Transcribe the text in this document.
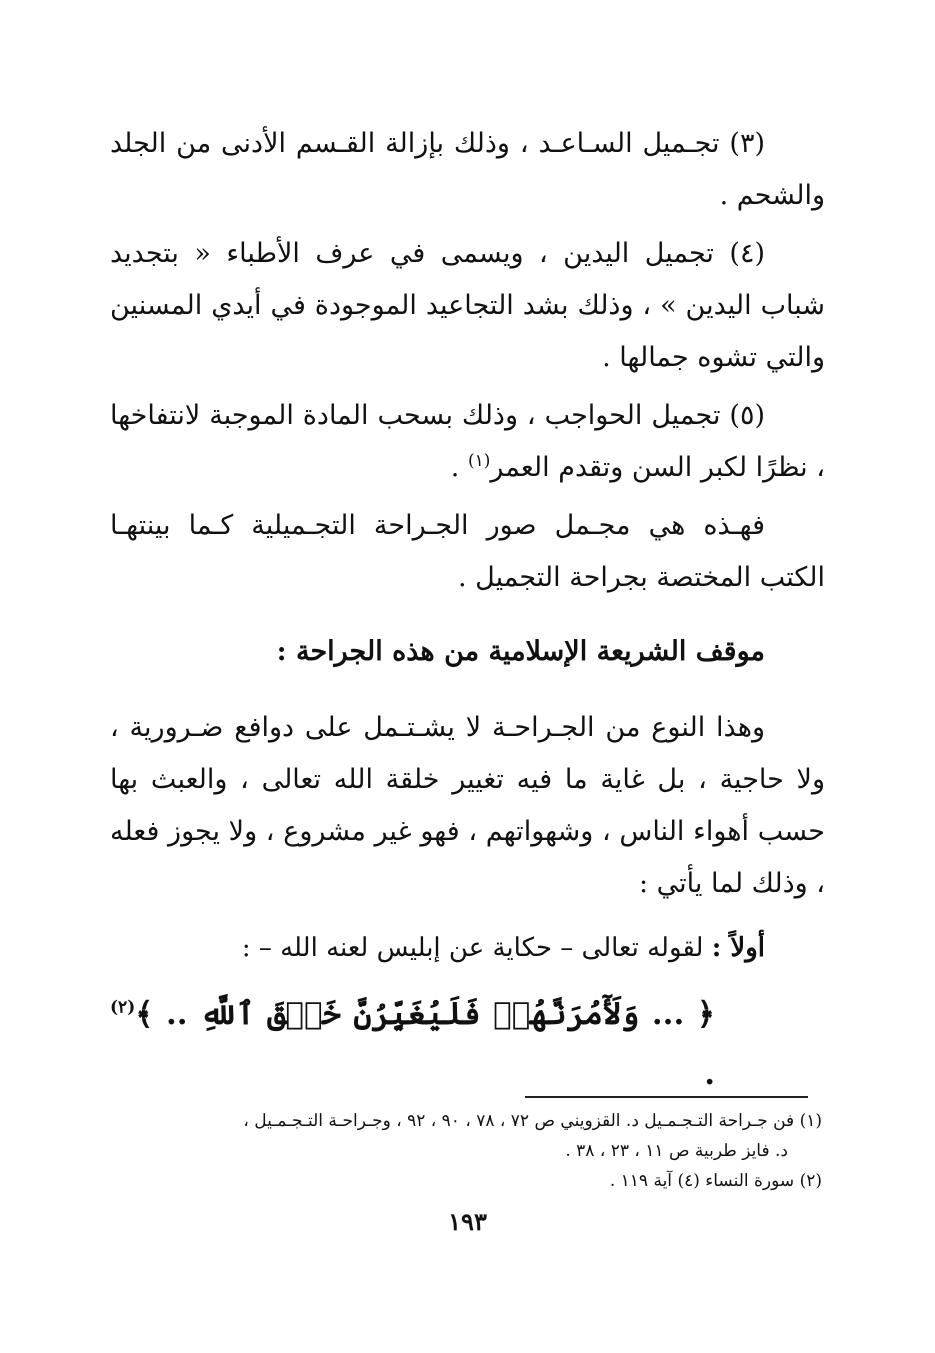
(٣) تجـميل السـاعـد ، وذلك بإزالة القـسم الأدنى من الجلد والشحم .

(٤) تجميل اليدين ، ويسمى في عرف الأطباء « بتجديد شباب اليدين » ، وذلك بشد التجاعيد الموجودة في أيدي المسنين والتي تشوه جمالها .

(٥) تجميل الحواجب ، وذلك بسحب المادة الموجبة لانتفاخها ، نظرًا لكبر السن وتقدم العمر$^{(١)}$ .

فهـذه هي مجـمل صور الجـراحة التجـميلية كـما بينتهـا الكتب المختصة بجراحة التجميل .

موقف الشريعة الإسلامية من هذه الجراحة :

وهذا النوع من الجـراحـة لا يشـتـمل على دوافع ضـرورية ، ولا حاجية ، بل غاية ما فيه تغيير خلقة الله تعالى ، والعبث بها حسب أهواء الناس ، وشهواتهم ، فهو غير مشروع ، ولا يجوز فعله ، وذلك لما يأتي :

أولاً : لقوله تعالى – حكاية عن إبليس لعنه الله – :
﴿ ... وَلَأٓمُرَنَّهُمۡ فَلَيُغَيِّرُنَّ خَلۡقَ ٱللَّهِ .. ﴾$^{(٢)}$ .

(١) فن جـراحة التـجـمـيل د. القزويني ص ٧٢ ، ٧٨ ، ٩٠ ، ٩٢ ، وجـراحـة التـجـمـيل ،

د. فايز طربية ص ١١ ، ٢٣ ، ٣٨ .

(٢) سورة النساء (٤) آية ١١٩ .

١٩٣
